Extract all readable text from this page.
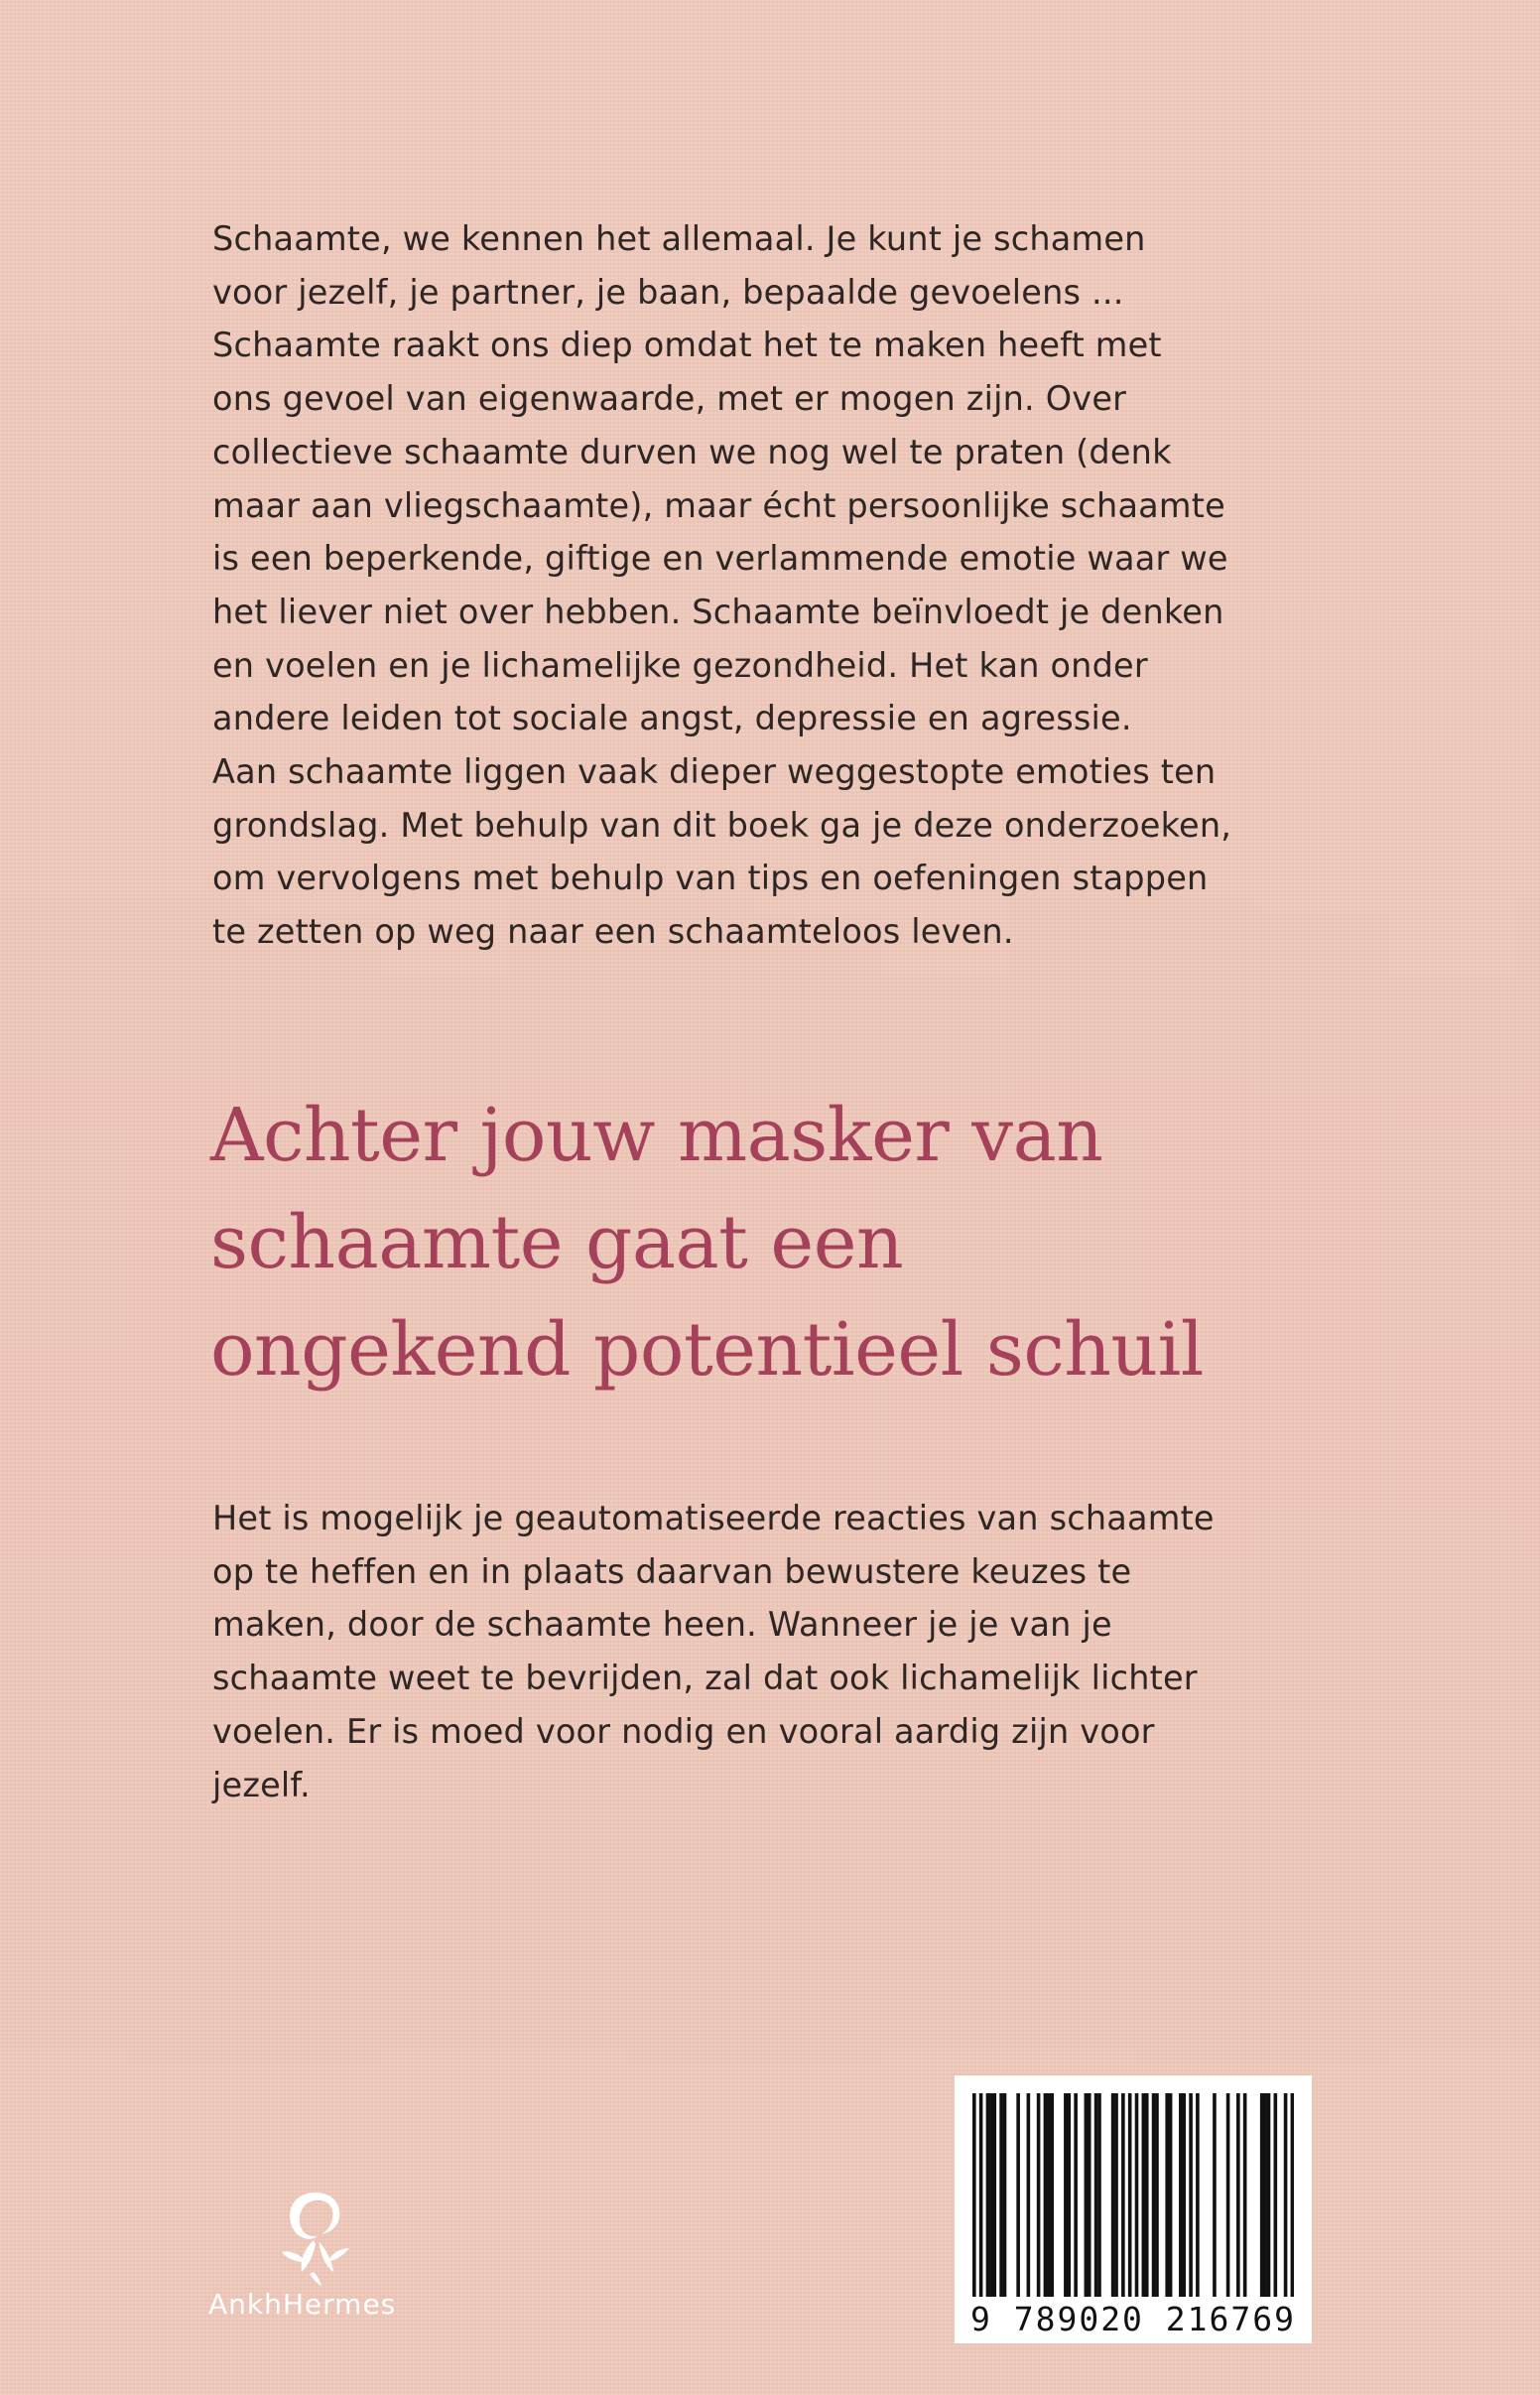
Schaamte, we kennen het allemaal. Je kunt je schamen
voor jezelf, je partner, je baan, bepaalde gevoelens ...
Schaamte raakt ons diep omdat het te maken heeft met
ons gevoel van eigenwaarde, met er mogen zijn. Over
collectieve schaamte durven we nog wel te praten (denk
maar aan vliegschaamte), maar écht persoonlijke schaamte
is een beperkende, giftige en verlammende emotie waar we
het liever niet over hebben. Schaamte beïnvloedt je denken
en voelen en je lichamelijke gezondheid. Het kan onder
andere leiden tot sociale angst, depressie en agressie.
Aan schaamte liggen vaak dieper weggestopte emoties ten
grondslag. Met behulp van dit boek ga je deze onderzoeken,
om vervolgens met behulp van tips en oefeningen stappen
te zetten op weg naar een schaamteloos leven.

Achter jouw masker van
schaamte gaat een
ongekend potentieel schuil

Het is mogelijk je geautomatiseerde reacties van schaamte
op te heffen en in plaats daarvan bewustere keuzes te
maken, door de schaamte heen. Wanneer je je van je
schaamte weet te bevrijden, zal dat ook lichamelijk lichter
voelen. Er is moed voor nodig en vooral aardig zijn voor
jezelf.

AnkhHermes	9 789020 216769
